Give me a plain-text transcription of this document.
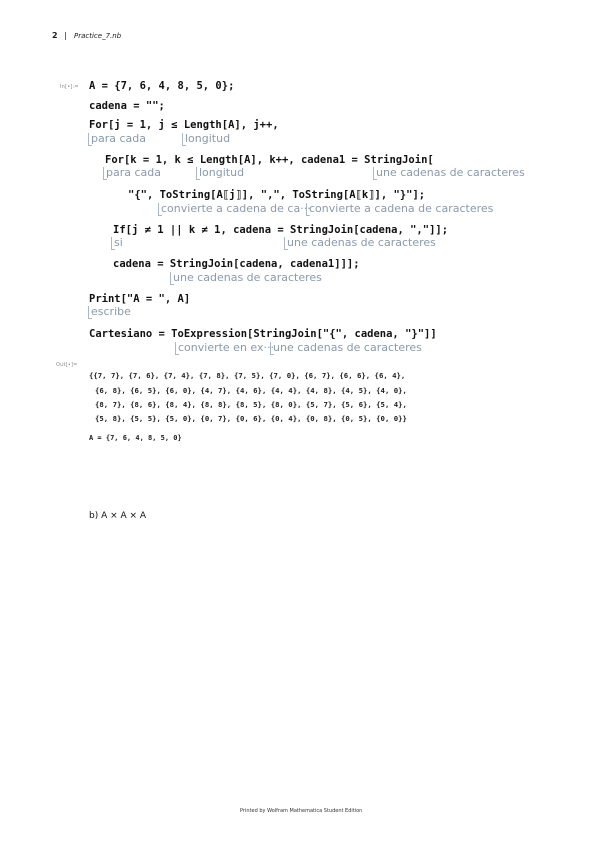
2 | Practice_7.nb
In[•]:= A = {7, 6, 4, 8, 5, 0};
cadena = "";
For[j = 1, j ≤ Length[A], j++,
para cada	longitud
For[k = 1, k ≤ Length[A], k++, cadena1 = StringJoin[
para cada	longitud	une cadenas de caracteres
"{", ToString[A⟦j⟧], ",", ToString[A⟦k⟧], "}"];
convierte a cadena de ca···
convierte a cadena de caracteres
If[j ≠ 1 || k ≠ 1, cadena = StringJoin[cadena, ","]];
si	une cadenas de caracteres
cadena = StringJoin[cadena, cadena1]]];
une cadenas de caracteres
Print["A = ", A]
escribe
Cartesiano = ToExpression[StringJoin["{", cadena, "}"]]
convierte en ex··· une cadenas de caracteres
Out[•]=
{{7, 7}, {7, 6}, {7, 4}, {7, 8}, {7, 5}, {7, 0}, {6, 7}, {6, 6}, {6, 4},
{6, 8}, {6, 5}, {6, 0}, {4, 7}, {4, 6}, {4, 4}, {4, 8}, {4, 5}, {4, 0},
{8, 7}, {8, 6}, {8, 4}, {8, 8}, {8, 5}, {8, 0}, {5, 7}, {5, 6}, {5, 4},
{5, 8}, {5, 5}, {5, 0}, {0, 7}, {0, 6}, {0, 4}, {0, 8}, {0, 5}, {0, 0}}
A = {7, 6, 4, 8, 5, 0}
b) A × A × A
Printed by Wolfram Mathematica Student Edition
